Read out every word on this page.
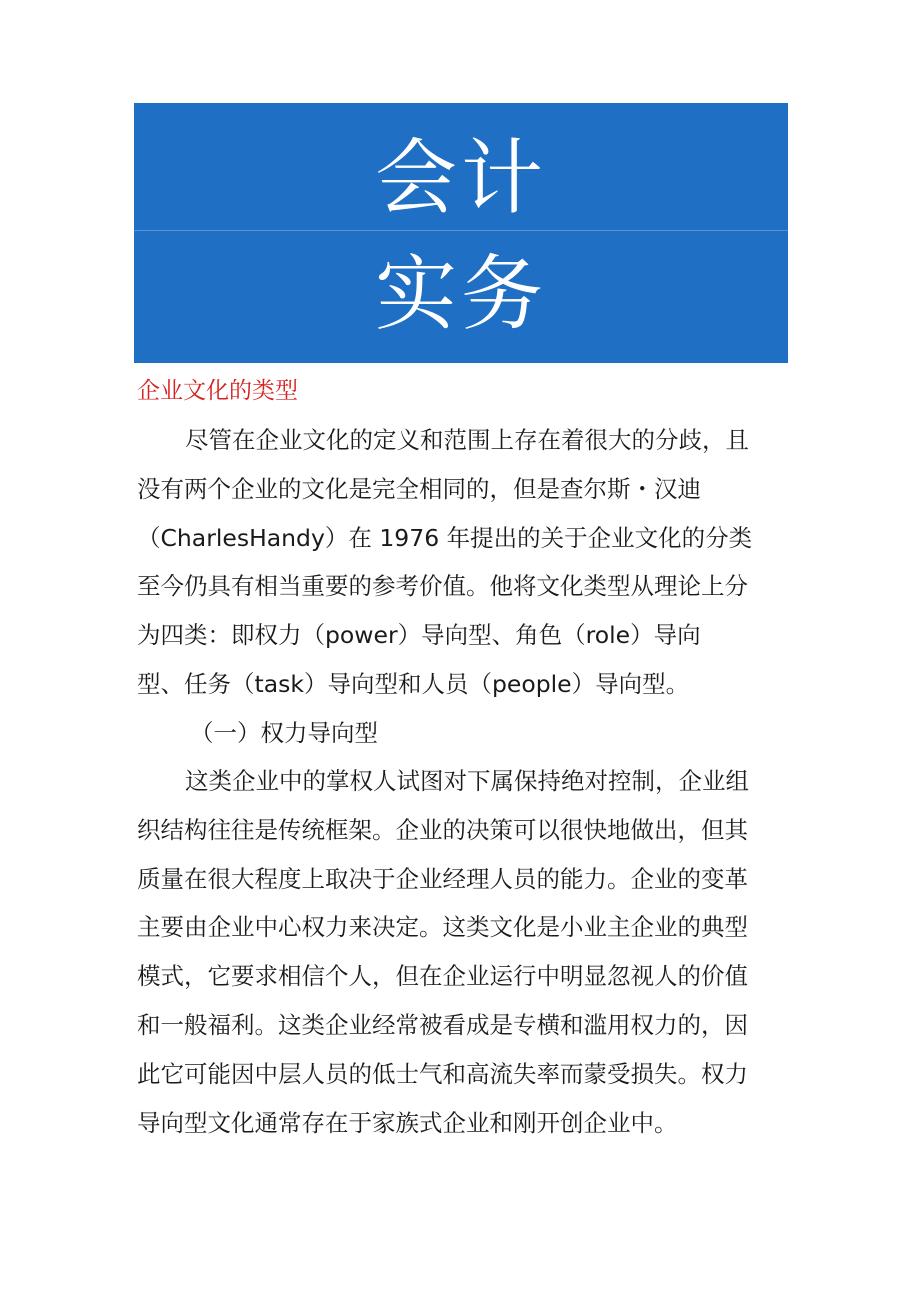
会计
实务
企业文化的类型
尽管在企业文化的定义和范围上存在着很大的分歧，且
没有两个企业的文化是完全相同的，但是查尔斯・汉迪
（CharlesHandy）在 1976 年提出的关于企业文化的分类
至今仍具有相当重要的参考价值。他将文化类型从理论上分
为四类：即权力（power）导向型、角色（role）导向
型、任务（task）导向型和人员（people）导向型。
（一）权力导向型
这类企业中的掌权人试图对下属保持绝对控制，企业组
织结构往往是传统框架。企业的决策可以很快地做出，但其
质量在很大程度上取决于企业经理人员的能力。企业的变革
主要由企业中心权力来决定。这类文化是小业主企业的典型
模式，它要求相信个人，但在企业运行中明显忽视人的价值
和一般福利。这类企业经常被看成是专横和滥用权力的，因
此它可能因中层人员的低士气和高流失率而蒙受损失。权力
导向型文化通常存在于家族式企业和刚开创企业中。
